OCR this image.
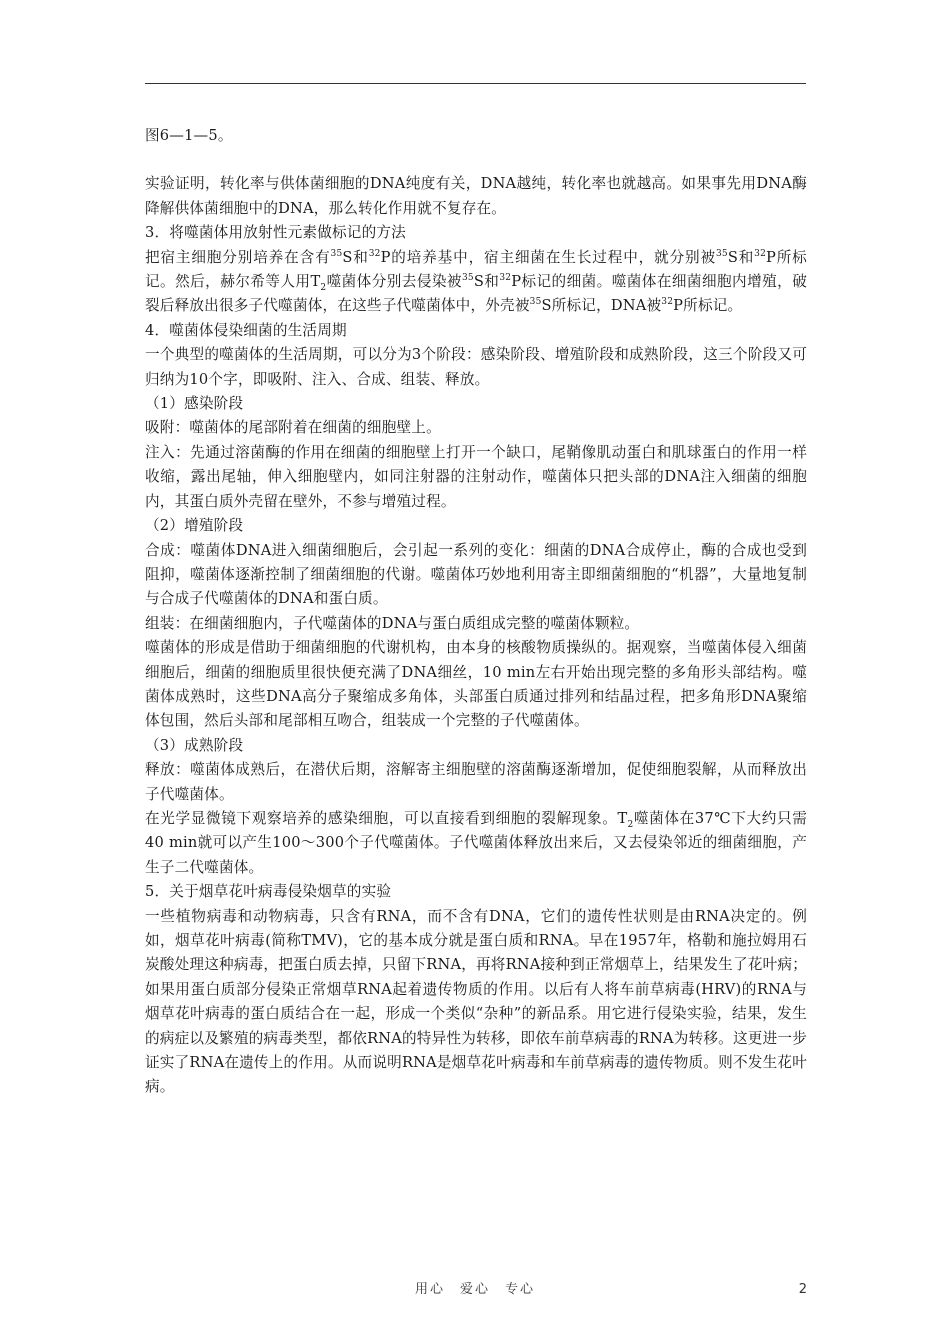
图6—1—5。

实验证明，转化率与供体菌细胞的DNA纯度有关，DNA越纯，转化率也就越高。如果事先用DNA酶降解供体菌细胞中的DNA，那么转化作用就不复存在。

3．将噬菌体用放射性元素做标记的方法

把宿主细胞分别培养在含有$^{35}$S和$^{32}$P的培养基中，宿主细菌在生长过程中，就分别被$^{35}$S和$^{32}$P所标记。然后，赫尔希等人用$T_2$噬菌体分别去侵染被$^{35}$S和$^{32}$P标记的细菌。噬菌体在细菌细胞内增殖，破裂后释放出很多子代噬菌体，在这些子代噬菌体中，外壳被$^{35}$S所标记，DNA被$^{32}$P所标记。

4．噬菌体侵染细菌的生活周期

一个典型的噬菌体的生活周期，可以分为3个阶段：感染阶段、增殖阶段和成熟阶段，这三个阶段又可归纳为10个字，即吸附、注入、合成、组装、释放。

（1）感染阶段

吸附：噬菌体的尾部附着在细菌的细胞壁上。

注入：先通过溶菌酶的作用在细菌的细胞壁上打开一个缺口，尾鞘像肌动蛋白和肌球蛋白的作用一样收缩，露出尾轴，伸入细胞壁内，如同注射器的注射动作，噬菌体只把头部的DNA注入细菌的细胞内，其蛋白质外壳留在壁外，不参与增殖过程。

（2）增殖阶段

合成：噬菌体DNA进入细菌细胞后，会引起一系列的变化：细菌的DNA合成停止，酶的合成也受到阻抑，噬菌体逐渐控制了细菌细胞的代谢。噬菌体巧妙地利用寄主即细菌细胞的“机器”，大量地复制与合成子代噬菌体的DNA和蛋白质。

组装：在细菌细胞内，子代噬菌体的DNA与蛋白质组成完整的噬菌体颗粒。

噬菌体的形成是借助于细菌细胞的代谢机构，由本身的核酸物质操纵的。据观察，当噬菌体侵入细菌细胞后，细菌的细胞质里很快便充满了DNA细丝，10 min左右开始出现完整的多角形头部结构。噬菌体成熟时，这些DNA高分子聚缩成多角体，头部蛋白质通过排列和结晶过程，把多角形DNA聚缩体包围，然后头部和尾部相互吻合，组装成一个完整的子代噬菌体。

（3）成熟阶段

释放：噬菌体成熟后，在潜伏后期，溶解寄主细胞壁的溶菌酶逐渐增加，促使细胞裂解，从而释放出子代噬菌体。

在光学显微镜下观察培养的感染细胞，可以直接看到细胞的裂解现象。$T_2$噬菌体在37℃下大约只需40 min就可以产生100～300个子代噬菌体。子代噬菌体释放出来后，又去侵染邻近的细菌细胞，产生子二代噬菌体。

5．关于烟草花叶病毒侵染烟草的实验

一些植物病毒和动物病毒，只含有RNA，而不含有DNA，它们的遗传性状则是由RNA决定的。例如，烟草花叶病毒(简称TMV)，它的基本成分就是蛋白质和RNA。早在1957年，格勒和施拉姆用石炭酸处理这种病毒，把蛋白质去掉，只留下RNA，再将RNA接种到正常烟草上，结果发生了花叶病；如果用蛋白质部分侵染正常烟草RNA起着遗传物质的作用。以后有人将车前草病毒(HRV)的RNA与烟草花叶病毒的蛋白质结合在一起，形成一个类似“杂种”的新品系。用它进行侵染实验，结果，发生的病症以及繁殖的病毒类型，都依RNA的特异性为转移，即依车前草病毒的RNA为转移。这更进一步证实了RNA在遗传上的作用。从而说明RNA是烟草花叶病毒和车前草病毒的遗传物质。则不发生花叶病。

用心　爱心　专心	2
